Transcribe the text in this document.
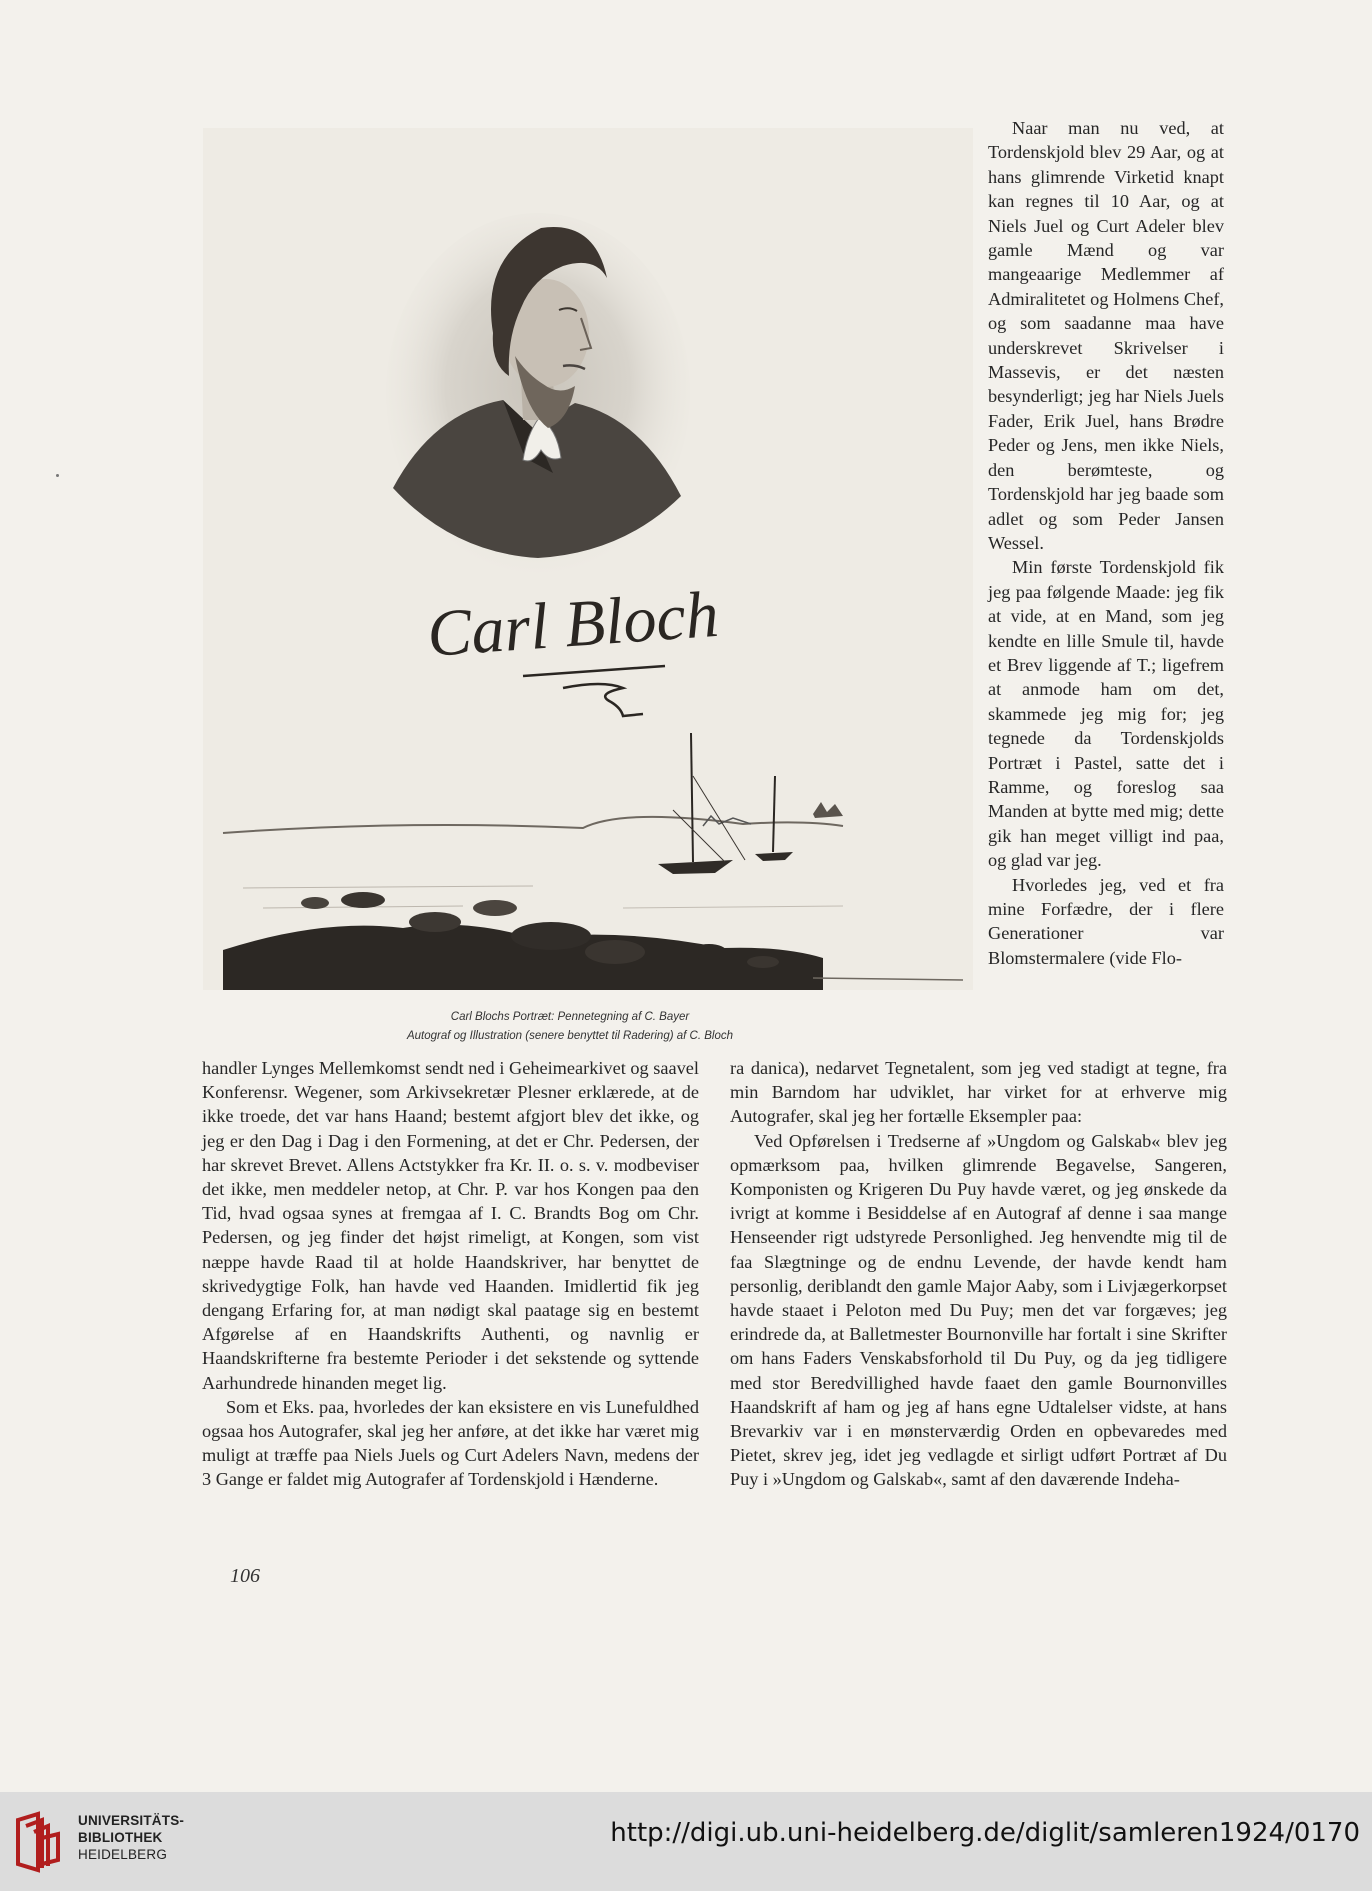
Carl Bloch
Carl Blochs Portræt: Pennetegning af C. Bayer
Autograf og Illustration (senere benyttet til Radering) af C. Bloch

Naar man nu ved, at Tordenskjold blev 29 Aar, og at hans glimrende Virketid knapt kan regnes til 10 Aar, og at Niels Juel og Curt Adeler blev gamle Mænd og var mangeaarige Medlemmer af Admiralitetet og Holmens Chef, og som saadanne maa have underskrevet Skrivelser i Massevis, er det næsten besynderligt; jeg har Niels Juels Fader, Erik Juel, hans Brødre Peder og Jens, men ikke Niels, den berømteste, og Tordenskjold har jeg baade som adlet og som Peder Jansen Wessel.

Min første Tordenskjold fik jeg paa følgende Maade: jeg fik at vide, at en Mand, som jeg kendte en lille Smule til, havde et Brev liggende af T.; ligefrem at anmode ham om det, skammede jeg mig for; jeg tegnede da Tordenskjolds Portræt i Pastel, satte det i Ramme, og foreslog saa Manden at bytte med mig; dette gik han meget villigt ind paa, og glad var jeg.

Hvorledes jeg, ved et fra mine Forfædre, der i flere Generationer var Blomstermalere (vide Flo-

handler Lynges Mellemkomst sendt ned i Geheimearkivet og saavel Konferensr. Wegener, som Arkivsekretær Plesner erklærede, at de ikke troede, det var hans Haand; bestemt afgjort blev det ikke, og jeg er den Dag i Dag i den Formening, at det er Chr. Pedersen, der har skrevet Brevet. Allens Actstykker fra Kr. II. o. s. v. modbeviser det ikke, men meddeler netop, at Chr. P. var hos Kongen paa den Tid, hvad ogsaa synes at fremgaa af I. C. Brandts Bog om Chr. Pedersen, og jeg finder det højst rimeligt, at Kongen, som vist næppe havde Raad til at holde Haandskriver, har benyttet de skrivedygtige Folk, han havde ved Haanden. Imidlertid fik jeg dengang Erfaring for, at man nødigt skal paatage sig en bestemt Afgørelse af en Haandskrifts Authenti, og navnlig er Haandskrifterne fra bestemte Perioder i det sekstende og syttende Aarhundrede hinanden meget lig.

Som et Eks. paa, hvorledes der kan eksistere en vis Lunefuldhed ogsaa hos Autografer, skal jeg her anføre, at det ikke har været mig muligt at træffe paa Niels Juels og Curt Adelers Navn, medens der 3 Gange er faldet mig Autografer af Tordenskjold i Hænderne.

ra danica), nedarvet Tegnetalent, som jeg ved stadigt at tegne, fra min Barndom har udviklet, har virket for at erhverve mig Autografer, skal jeg her fortælle Eksempler paa:

Ved Opførelsen i Tredserne af »Ungdom og Galskab« blev jeg opmærksom paa, hvilken glimrende Begavelse, Sangeren, Komponisten og Krigeren Du Puy havde været, og jeg ønskede da ivrigt at komme i Besiddelse af en Autograf af denne i saa mange Henseender rigt udstyrede Personlighed. Jeg henvendte mig til de faa Slægtninge og de endnu Levende, der havde kendt ham personlig, deriblandt den gamle Major Aaby, som i Livjægerkorpset havde staaet i Peloton med Du Puy; men det var forgæves; jeg erindrede da, at Balletmester Bournonville har fortalt i sine Skrifter om hans Faders Venskabsforhold til Du Puy, og da jeg tidligere med stor Beredvillighed havde faaet den gamle Bournonvilles Haandskrift af ham og jeg af hans egne Udtalelser vidste, at hans Brevarkiv var i en mønsterværdig Orden en opbevaredes med Pietet, skrev jeg, idet jeg vedlagde et sirligt udført Portræt af Du Puy i »Ungdom og Galskab«, samt af den daværende Indeha-

106
UNIVERSITÄTS-
BIBLIOTHEK
HEIDELBERG
http://digi.ub.uni-heidelberg.de/diglit/samleren1924/0170
